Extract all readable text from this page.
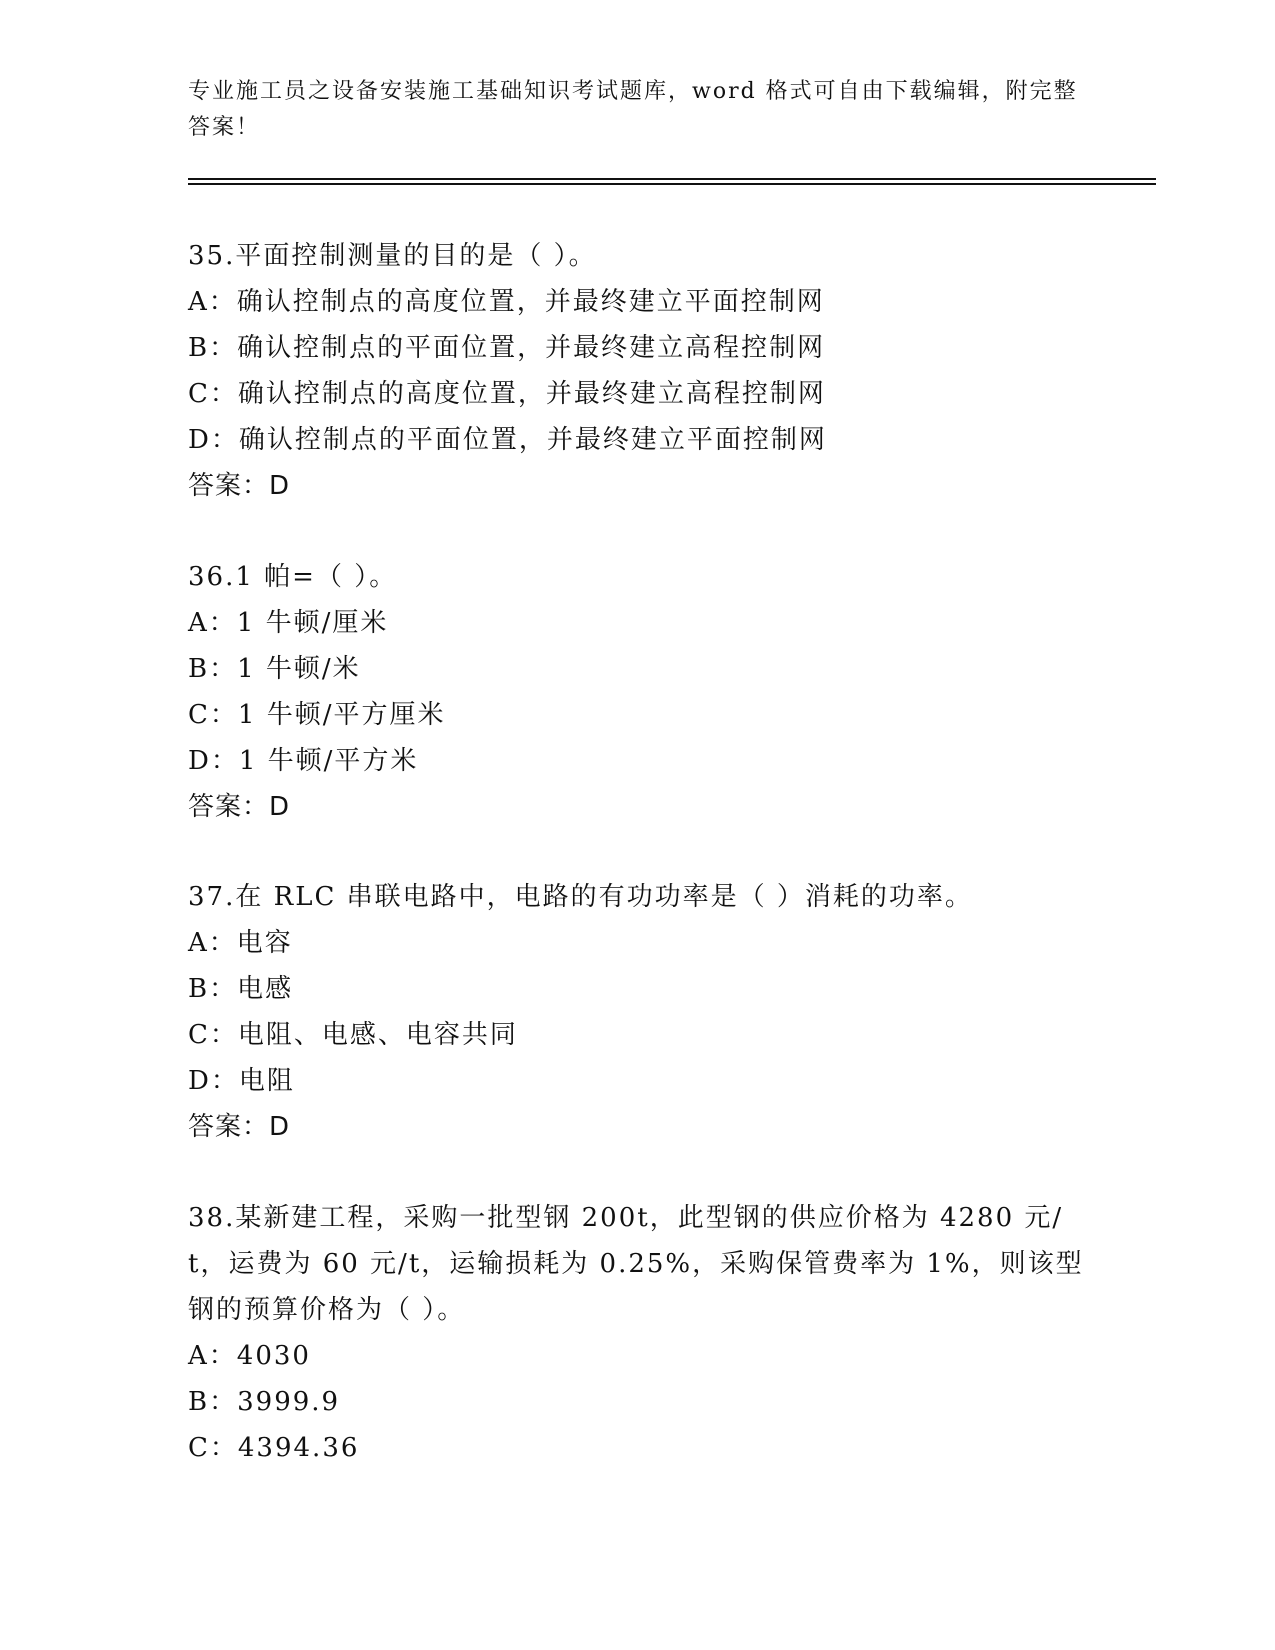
专业施工员之设备安装施工基础知识考试题库，word 格式可自由下载编辑，附完整答案！
35.平面控制测量的目的是（ ）。
A：确认控制点的高度位置，并最终建立平面控制网
B：确认控制点的平面位置，并最终建立高程控制网
C：确认控制点的高度位置，并最终建立高程控制网
D：确认控制点的平面位置，并最终建立平面控制网
答案：D
36.1 帕=（ ）。
A：1 牛顿/厘米
B：1 牛顿/米
C：1 牛顿/平方厘米
D：1 牛顿/平方米
答案：D
37.在 RLC 串联电路中，电路的有功功率是（ ）消耗的功率。
A：电容
B：电感
C：电阻、电感、电容共同
D：电阻
答案：D
38.某新建工程，采购一批型钢 200t，此型钢的供应价格为 4280 元/t，运费为 60 元/t，运输损耗为 0.25%，采购保管费率为 1%，则该型钢的预算价格为（ ）。
A：4030
B：3999.9
C：4394.36
